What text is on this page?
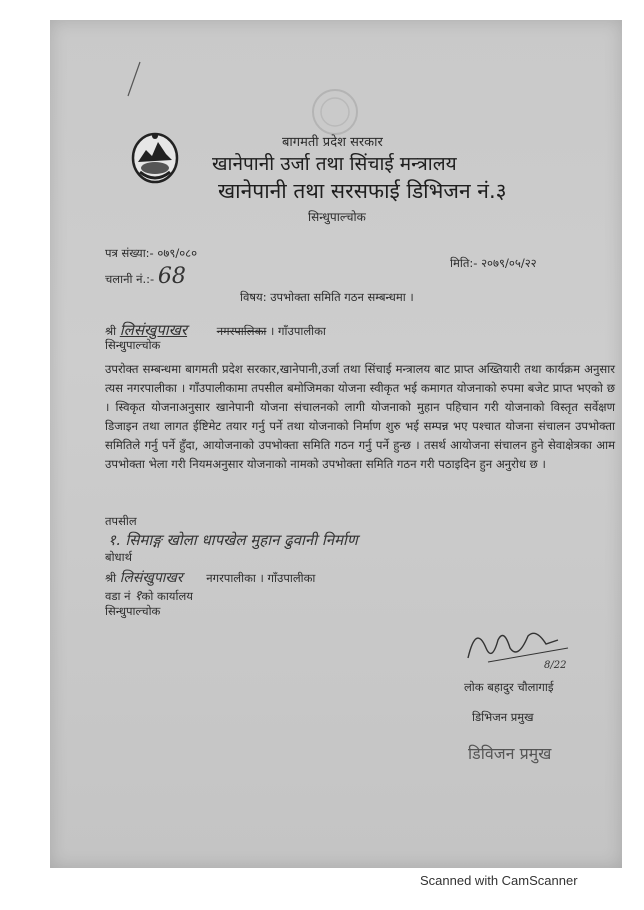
बागमती प्रदेश सरकार
खानेपानी उर्जा तथा सिंचाई मन्त्रालय
खानेपानी तथा सरसफाई डिभिजन नं.३
सिन्धुपाल्चोक
पत्र संख्या:- ०७९/०८०
चलानी नं.:- 68
मिति:- २०७९/०५/२२
विषय: उपभोक्ता समिति गठन सम्बन्धमा ।
श्री लिसंखुपाखर	नगरपालिका । गाँउपालीका
सिन्धुपाल्चोक
उपरोक्त सम्बन्धमा बागमती प्रदेश सरकार,खानेपानी,उर्जा तथा सिंचाई मन्त्रालय बाट प्राप्त अख्तियारी तथा कार्यक्रम अनुसार त्यस नगरपालीका । गाँउपालीकामा तपसील बमोजिमका योजना स्वीकृत भई कमागत योजनाको रुपमा बजेट प्राप्त भएको छ । स्विकृत योजनाअनुसार खानेपानी योजना संचालनको लागी योजनाको मुहान पहिचान गरी योजनाको विस्तृत सर्वेक्षण डिजाइन तथा लागत ईष्टिमेट तयार गर्नु पर्ने तथा योजनाको निर्माण शुरु भई सम्पन्न भए पश्चात योजना संचालन उपभोक्ता समितिले गर्नु पर्ने हुँदा, आयोजनाको उपभोक्ता समिति गठन गर्नु पर्ने हुन्छ । तसर्थ आयोजना संचालन हुने सेवाक्षेत्रका आम उपभोक्ता भेला गरी नियमअनुसार योजनाको नामको उपभोक्ता समिति गठन गरी पठाइदिन हुन अनुरोध छ ।
तपसील
१. सिमाङ्ग खोला धापखेल मुहान ढुवानी निर्माण
बोधार्थ
श्री लिसंखुपाखर नगरपालीका । गाँउपालीका
वडा नं १को कार्यालय
सिन्धुपाल्चोक
8/22
लोक बहादुर चौलागाई
डिभिजन प्रमुख
डिविजन प्रमुख
Scanned with CamScanner
